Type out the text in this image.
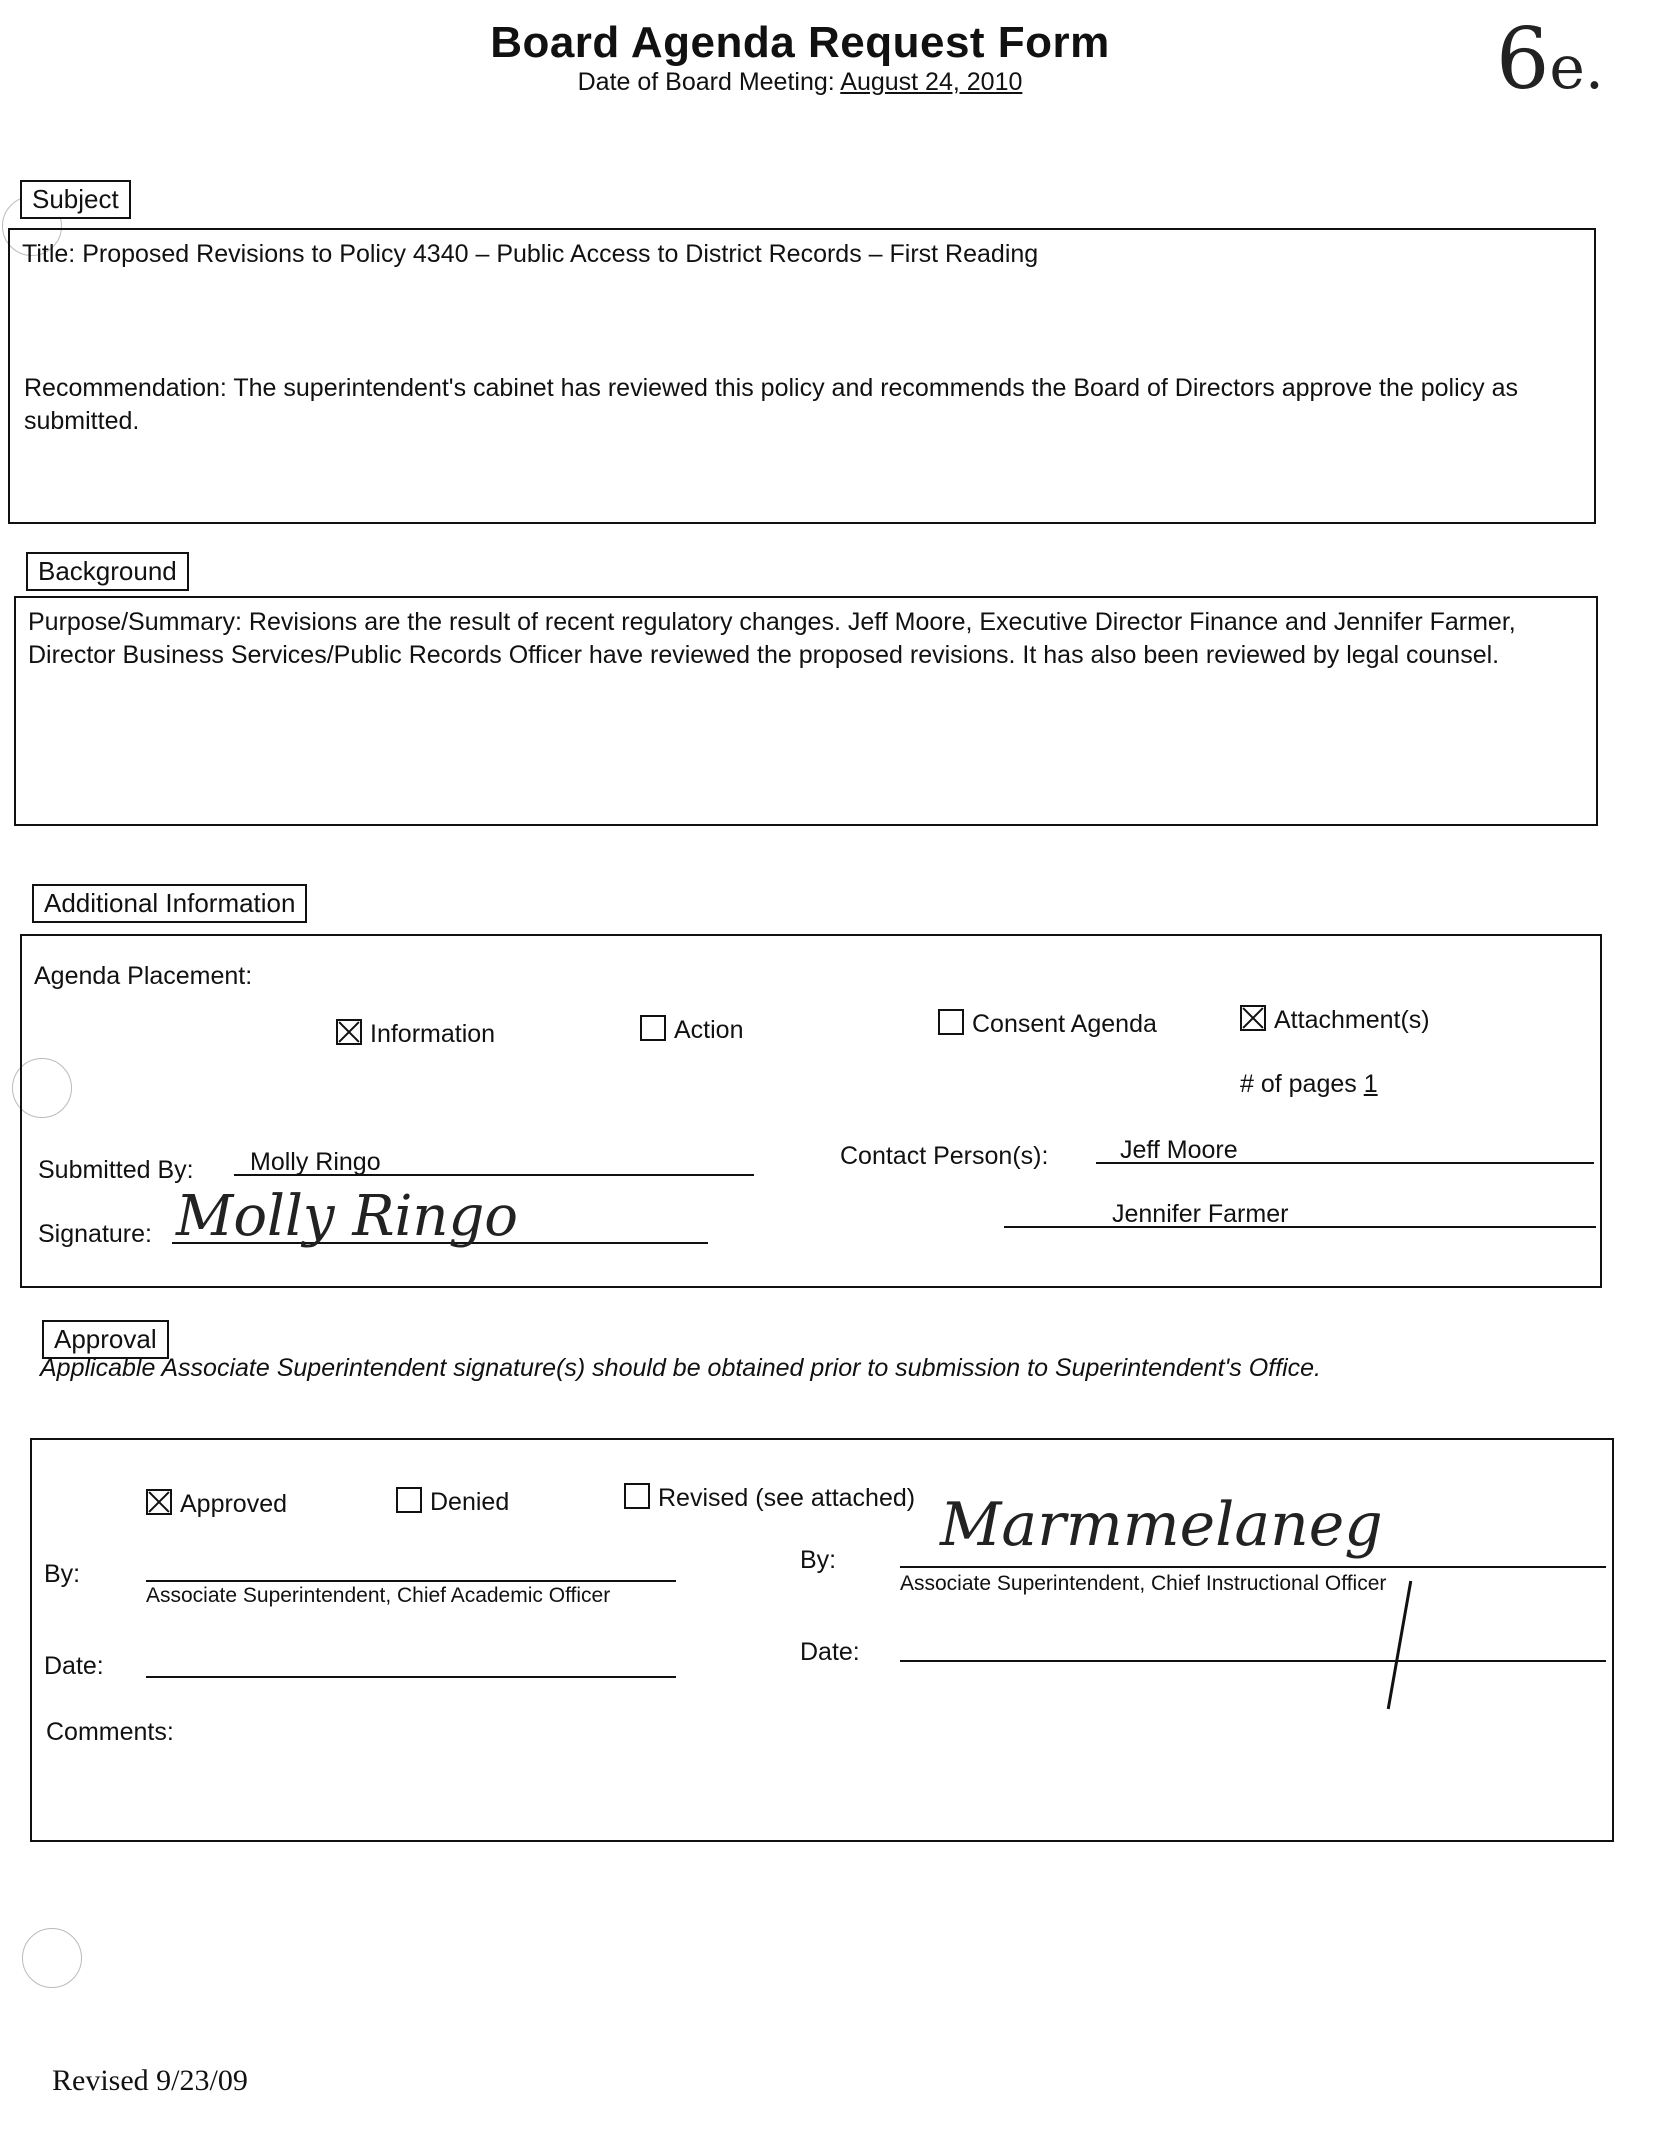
Board Agenda Request Form
Date of Board Meeting: August 24, 2010	6e.
Subject
Title: Proposed Revisions to Policy 4340 – Public Access to District Records – First Reading
Recommendation: The superintendent's cabinet has reviewed this policy and recommends the Board of Directors approve the policy as submitted.
Background
Purpose/Summary: Revisions are the result of recent regulatory changes. Jeff Moore, Executive Director Finance and Jennifer Farmer, Director Business Services/Public Records Officer have reviewed the proposed revisions. It has also been reviewed by legal counsel.
Additional Information
Agenda Placement:
Information	Action	Consent Agenda	Attachment(s)
# of pages 1
Submitted By: Molly Ringo
Signature: Molly Ringo
Contact Person(s):	Jeff Moore
Jennifer Farmer
Approval
Applicable Associate Superintendent signature(s) should be obtained prior to submission to Superintendent's Office.
Approved	Denied	Revised (see attached)
By:
Associate Superintendent, Chief Academic Officer
Date:
By: Marmmelaneg
Associate Superintendent, Chief Instructional Officer
Date:
Comments:
Revised 9/23/09
